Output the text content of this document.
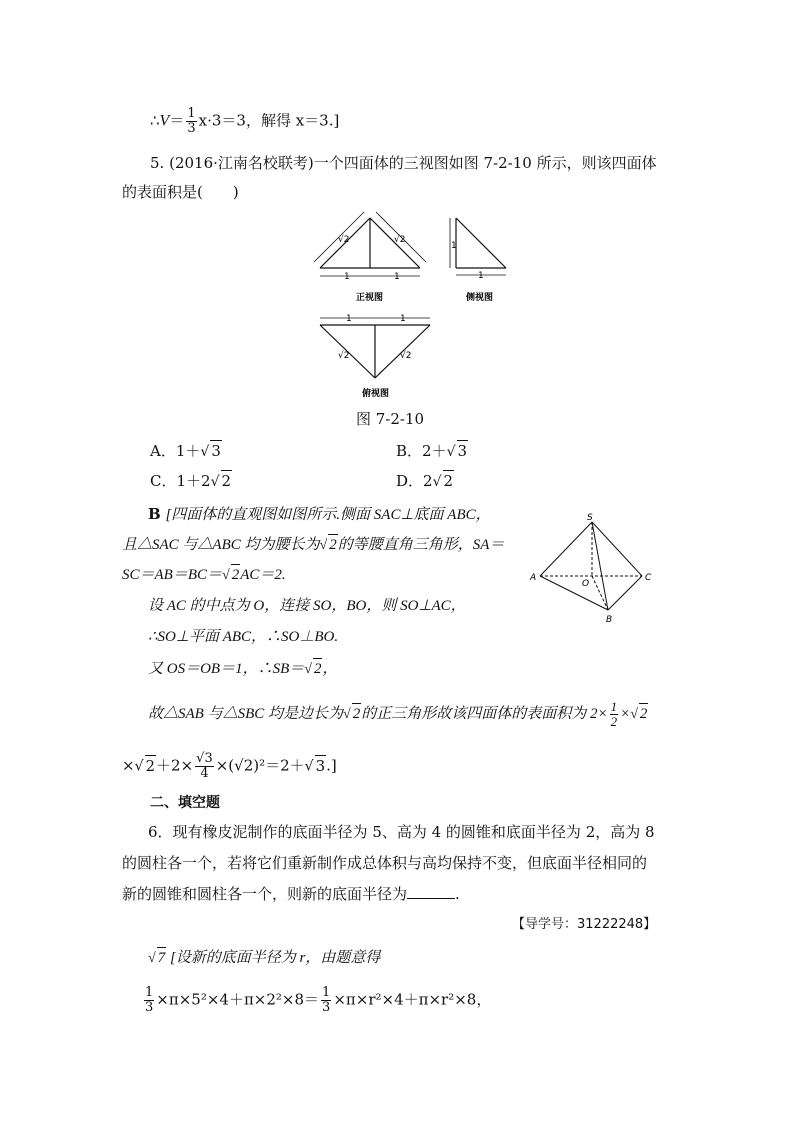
∴V＝ $\frac{1}{3} x\cdot 3=3$，解得 x＝3.]
5. (2016·江南名校联考)一个四面体的三视图如图 7-2-10 所示，则该四面体
的表面积是(　　)
√2	√2
1	1
正视图
1
1
侧视图
1	1
√2	√2
俯视图
图 7-2-10
A．1＋√ 3	B．2＋√ 3
C．1＋2√ 2	D．2√ 2
B [四面体的直观图如图所示.侧面 SAC⊥底面 ABC，
且△SAC 与△ABC 均为腰长为√ 2的等腰直角三角形，SA＝
SC＝AB＝BC＝√ 2AC＝2.
设 AC 的中点为 O，连接 SO，BO，则 SO⊥AC，
∴SO⊥平面 ABC，∴SO⊥BO.
又 OS＝OB＝1，∴SB＝√ 2，
故△SAB 与△SBC 均是边长为√ 2的正三角形故该四面体的表面积为 $2\times \frac{1}{2}$ ×√ 2
×√ $2+2\times \frac{√3}{4} \times(√2)^2=2+√$ 3.]
S
A
O
C
B
二、填空题
6．现有橡皮泥制作的底面半径为 5、高为 4 的圆锥和底面半径为 2，高为 8
的圆柱各一个，若将它们重新制作成总体积与高均保持不变，但底面半径相同的
新的圆锥和圆柱各一个，则新的底面半径为	.
【导学号：31222248】
√ 7 [设新的底面半径为 r，由题意得
$\frac{1}{3} \times\pi\times 5^2\times 4+\pi\times 2^2\times 8= \frac{1}{3} \times\pi\times r^2\times 4+\pi\times r^2\times 8$，
